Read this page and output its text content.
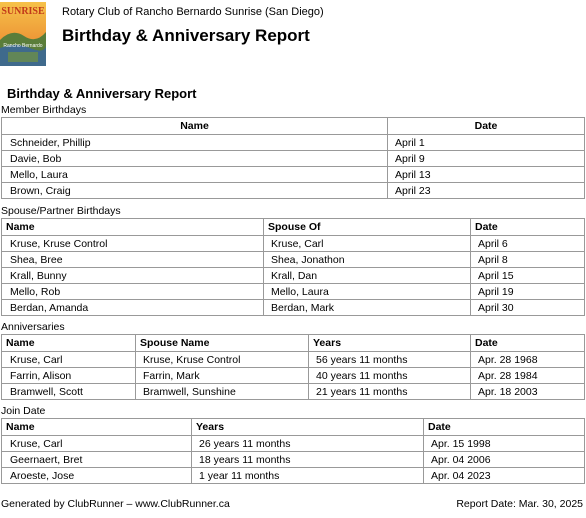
SUNRISE
Rancho Bernardo
Rotary Club of Rancho Bernardo Sunrise (San Diego)
Birthday & Anniversary Report
Birthday & Anniversary Report
Member Birthdays
Name	Date
Schneider, Phillip	April 1
Davie, Bob	April 9
Mello, Laura	April 13
Brown, Craig	April 23
Spouse/Partner Birthdays
Name	Spouse Of	Date
Kruse, Kruse Control	Kruse, Carl	April 6
Shea, Bree	Shea, Jonathon	April 8
Krall, Bunny	Krall, Dan	April 15
Mello, Rob	Mello, Laura	April 19
Berdan, Amanda	Berdan, Mark	April 30
Anniversaries
Name	Spouse Name	Years	Date
Kruse, Carl	Kruse, Kruse Control	56 years 11 months	Apr. 28 1968
Farrin, Alison	Farrin, Mark	40 years 11 months	Apr. 28 1984
Bramwell, Scott	Bramwell, Sunshine	21 years 11 months	Apr. 18 2003
Join Date
Name	Years	Date
Kruse, Carl	26 years 11 months	Apr. 15 1998
Geernaert, Bret	18 years 11 months	Apr. 04 2006
Aroeste, Jose	1 year 11 months	Apr. 04 2023
Generated by ClubRunner – www.ClubRunner.ca	Report Date: Mar. 30, 2025
